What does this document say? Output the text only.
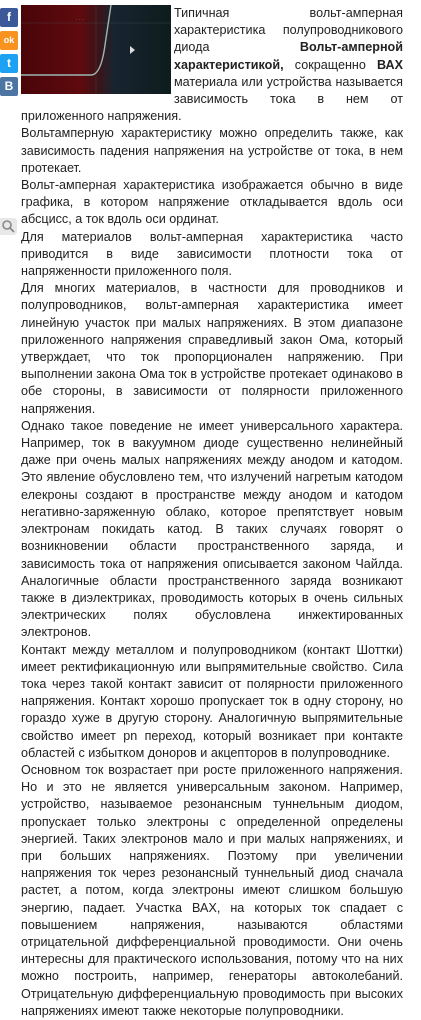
f
ok
t
B
· · ·	Типичная вольт-амперная характеристика полупроводникового диода Вольт-амперной характеристикой, сокращенно ВАХ материала или устройства называется зависимость тока в нем от приложенного напряжения.

Вольтамперную характеристику можно определить также, как зависимость падения напряжения на устройстве от тока, в нем протекает.

Вольт-амперная характеристика изображается обычно в виде графика, в котором напряжение откладывается вдоль оси абсцисс, а ток вдоль оси ординат.

Для материалов вольт-амперная характеристика часто приводится в виде зависимости плотности тока от напряженности приложенного поля.

Для многих материалов, в частности для проводников и полупроводников, вольт-амперная характеристика имеет линейную участок при малых напряжениях. В этом диапазоне приложенного напряжения справедливый закон Ома, который утверждает, что ток пропорционален напряжению. При выполнении закона Ома ток в устройстве протекает одинаково в обе стороны, в зависимости от полярности приложенного напряжения.

Однако такое поведение не имеет универсального характера. Например, ток в вакуумном диоде существенно нелинейный даже при очень малых напряжениях между анодом и катодом. Это явление обусловлено тем, что излучений нагретым катодом елекроны создают в пространстве между анодом и катодом негативно-заряженную облако, которое препятствует новым электронам покидать катод. В таких случаях говорят о возникновении области пространственного заряда, и зависимость тока от напряжения описывается законом Чайлда. Аналогичные области пространственного заряда возникают также в диэлектриках, проводимость которых в очень сильных электрических полях обусловлена инжектированных электронов.

Контакт между металлом и полупроводником (контакт Шоттки) имеет ректификационную или выпрямительные свойство. Сила тока через такой контакт зависит от полярности приложенного напряжения. Контакт хорошо пропускает ток в одну сторону, но гораздо хуже в другую сторону. Аналогичную выпрямительные свойство имеет pn переход, который возникает при контакте областей с избытком доноров и акцепторов в полупроводнике.

Основном ток возрастает при росте приложенного напряжения. Но и это не является универсальным законом. Например, устройство, называемое резонансным туннельным диодом, пропускает только электроны с определенной определены энергией. Таких электронов мало и при малых напряжениях, и при больших напряжениях. Поэтому при увеличении напряжения ток через резонансный туннельный диод сначала растет, а потом, когда электроны имеют слишком большую энергию, падает. Участка ВАХ, на которых ток спадает с повышением напряжения, называются областями отрицательной дифференциальной проводимости. Они очень интересны для практического использования, потому что на них можно построить, например, генераторы автоколебаний. Отрицательную дифференциальную проводимость при высоких напряжениях имеют также некоторые полупроводники.
